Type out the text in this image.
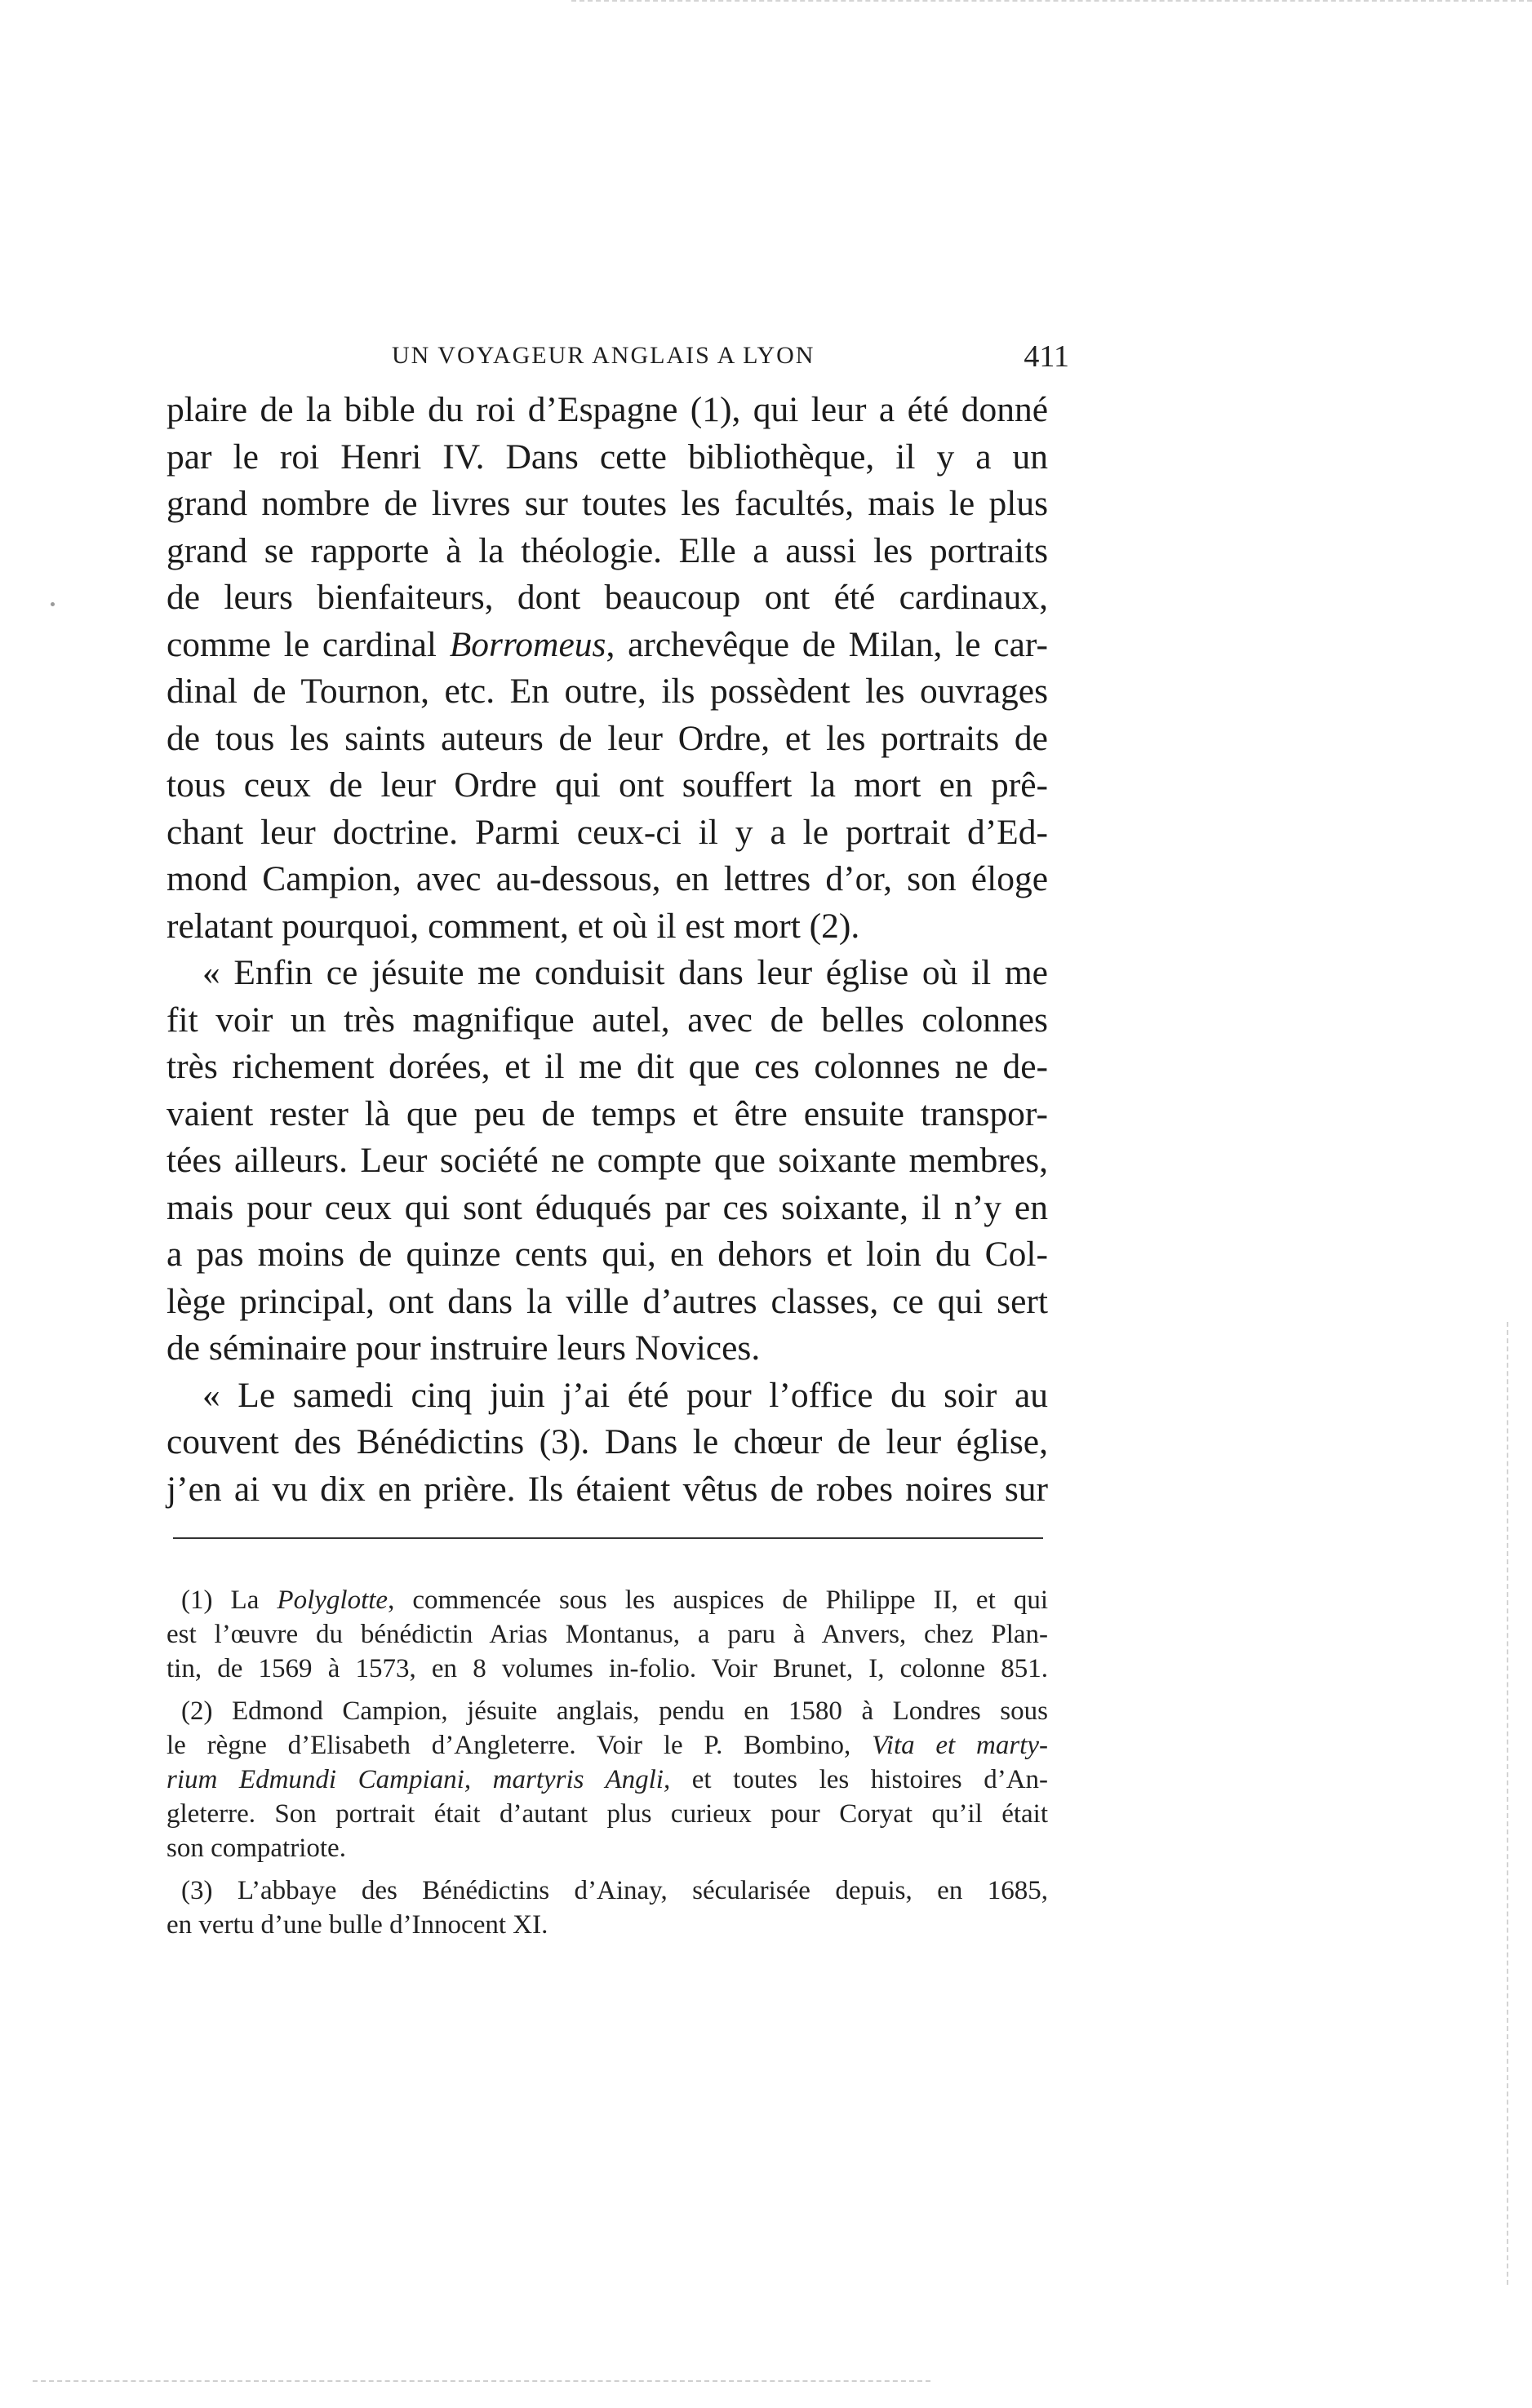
UN VOYAGEUR ANGLAIS A LYON	411

plaire de la bible du roi d’Espagne (1), qui leur a été donné
par le roi Henri IV. Dans cette bibliothèque, il y a un
grand nombre de livres sur toutes les facultés, mais le plus
grand se rapporte à la théologie. Elle a aussi les portraits
de leurs bienfaiteurs, dont beaucoup ont été cardinaux,
comme le cardinal Borromeus, archevêque de Milan, le car-
dinal de Tournon, etc. En outre, ils possèdent les ouvrages
de tous les saints auteurs de leur Ordre, et les portraits de
tous ceux de leur Ordre qui ont souffert la mort en prê-
chant leur doctrine. Parmi ceux-ci il y a le portrait d’Ed-
mond Campion, avec au-dessous, en lettres d’or, son éloge
relatant pourquoi, comment, et où il est mort (2).

« Enfin ce jésuite me conduisit dans leur église où il me
fit voir un très magnifique autel, avec de belles colonnes
très richement dorées, et il me dit que ces colonnes ne de-
vaient rester là que peu de temps et être ensuite transpor-
tées ailleurs. Leur société ne compte que soixante membres,
mais pour ceux qui sont éduqués par ces soixante, il n’y en
a pas moins de quinze cents qui, en dehors et loin du Col-
lège principal, ont dans la ville d’autres classes, ce qui sert
de séminaire pour instruire leurs Novices.

« Le samedi cinq juin j’ai été pour l’office du soir au
couvent des Bénédictins (3). Dans le chœur de leur église,
j’en ai vu dix en prière. Ils étaient vêtus de robes noires sur

(1) La Polyglotte, commencée sous les auspices de Philippe II, et qui
est l’œuvre du bénédictin Arias Montanus, a paru à Anvers, chez Plan-
tin, de 1569 à 1573, en 8 volumes in-folio. Voir Brunet, I, colonne 851.
(2) Edmond Campion, jésuite anglais, pendu en 1580 à Londres sous
le règne d’Elisabeth d’Angleterre. Voir le P. Bombino, Vita et marty-
rium Edmundi Campiani, martyris Angli, et toutes les histoires d’An-
gleterre. Son portrait était d’autant plus curieux pour Coryat qu’il était
son compatriote.
(3) L’abbaye des Bénédictins d’Ainay, sécularisée depuis, en 1685,
en vertu d’une bulle d’Innocent XI.
